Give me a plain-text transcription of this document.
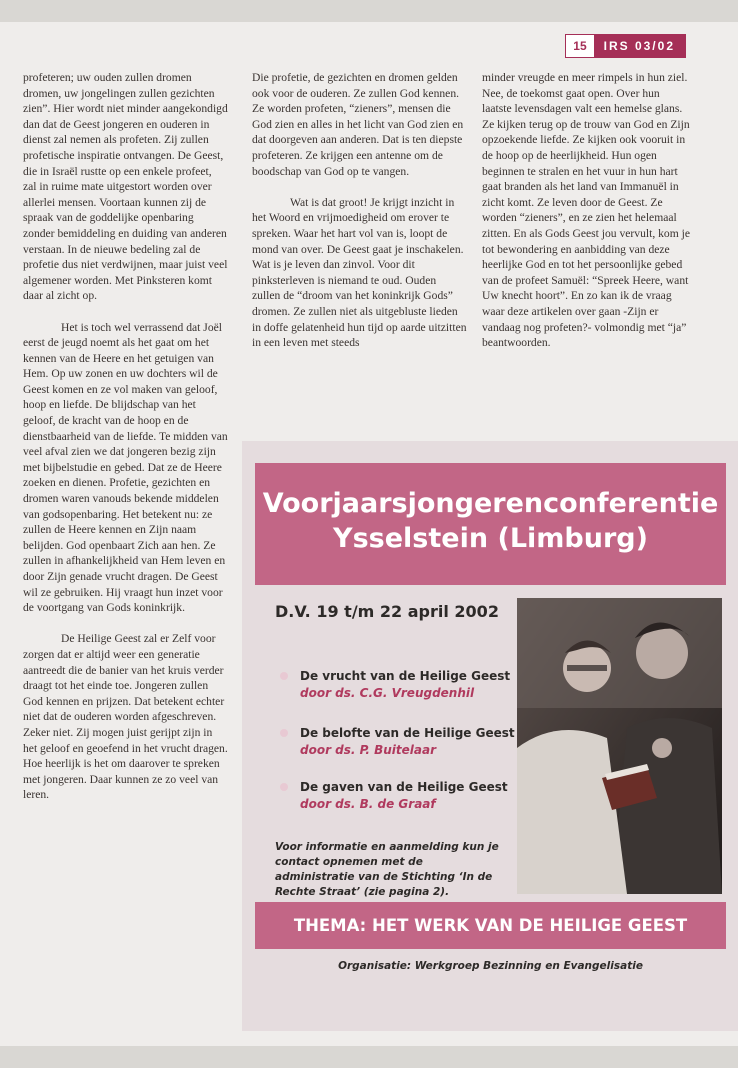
15	IRS 03/02

profeteren; uw ouden zullen dromen dromen, uw jongelingen zullen gezichten zien”. Hier wordt niet minder aangekondigd dan dat de Geest jongeren en ouderen in dienst zal nemen als profeten. Zij zullen profetische inspiratie ontvangen. De Geest, die in Israël rustte op een enkele profeet, zal in ruime mate uitgestort worden over allerlei mensen. Voortaan kunnen zij de spraak van de goddelijke openbaring zonder bemiddeling en duiding van anderen verstaan. In de nieuwe bedeling zal de profetie dus niet verdwijnen, maar juist veel algemener worden. Met Pinksteren komt daar al zicht op.

Het is toch wel verrassend dat Joël eerst de jeugd noemt als het gaat om het kennen van de Heere en het getuigen van Hem. Op uw zonen en uw dochters wil de Geest komen en ze vol maken van geloof, hoop en liefde. De blijdschap van het geloof, de kracht van de hoop en de dienstbaarheid van de liefde. Te midden van veel afval zien we dat jongeren bezig zijn met bijbelstudie en gebed. Dat ze de Heere zoeken en dienen. Profetie, gezichten en dromen waren vanouds bekende middelen van godsopenbaring. Het betekent nu: ze zullen de Heere kennen en Zijn naam belijden. God openbaart Zich aan hen. Ze zullen in afhankelijkheid van Hem leven en door Zijn genade vrucht dragen. De Geest wil ze gebruiken. Hij vraagt hun inzet voor de voortgang van Gods koninkrijk.

De Heilige Geest zal er Zelf voor zorgen dat er altijd weer een generatie aantreedt die de banier van het kruis verder draagt tot het einde toe. Jongeren zullen God kennen en prijzen. Dat betekent echter niet dat de ouderen worden afgeschreven. Zeker niet. Zij mogen juist gerijpt zijn in het geloof en geoefend in het vrucht dragen. Hoe heerlijk is het om daarover te spreken met jongeren. Daar kunnen ze zo veel van leren.

Die profetie, de gezichten en dromen gelden ook voor de ouderen. Ze zullen God kennen. Ze worden profeten, “zieners”, mensen die God zien en alles in het licht van God zien en dat doorgeven aan anderen. Dat is ten diepste profeteren. Ze krijgen een antenne om de boodschap van God op te vangen.

Wat is dat groot! Je krijgt inzicht in het Woord en vrijmoedigheid om erover te spreken. Waar het hart vol van is, loopt de mond van over. De Geest gaat je inschakelen. Wat is je leven dan zinvol. Voor dit pinksterleven is niemand te oud. Ouden zullen de “droom van het koninkrijk Gods” dromen. Ze zullen niet als uitgebluste lieden in doffe gelatenheid hun tijd op aarde uitzitten in een leven met steeds

minder vreugde en meer rimpels in hun ziel. Nee, de toekomst gaat open. Over hun laatste levensdagen valt een hemelse glans. Ze kijken terug op de trouw van God en Zijn opzoekende liefde. Ze kijken ook vooruit in de hoop op de heerlijkheid. Hun ogen beginnen te stralen en het vuur in hun hart gaat branden als het land van Immanuël in zicht komt. Ze leven door de Geest. Ze worden “zieners”, en ze zien het helemaal zitten. En als Gods Geest jou vervult, kom je tot bewondering en aanbidding van deze heerlijke God en tot het persoonlijke gebed van de profeet Samuël: “Spreek Heere, want Uw knecht hoort”. En zo kan ik de vraag waar deze artikelen over gaan -Zijn er vandaag nog profeten?- volmondig met “ja” beantwoorden.

Voorjaarsjongerenconferentie
Ysselstein (Limburg)
D.V. 19 t/m 22 april 2002
De vrucht van de Heilige Geest
door ds. C.G. Vreugdenhil
De belofte van de Heilige Geest
door ds. P. Buitelaar
De gaven van de Heilige Geest
door ds. B. de Graaf
Voor informatie en aanmelding kun je contact opnemen met de administratie van de Stichting ‘In de Rechte Straat’ (zie pagina 2).
THEMA: HET WERK VAN DE HEILIGE GEEST
Organisatie: Werkgroep Bezinning en Evangelisatie
